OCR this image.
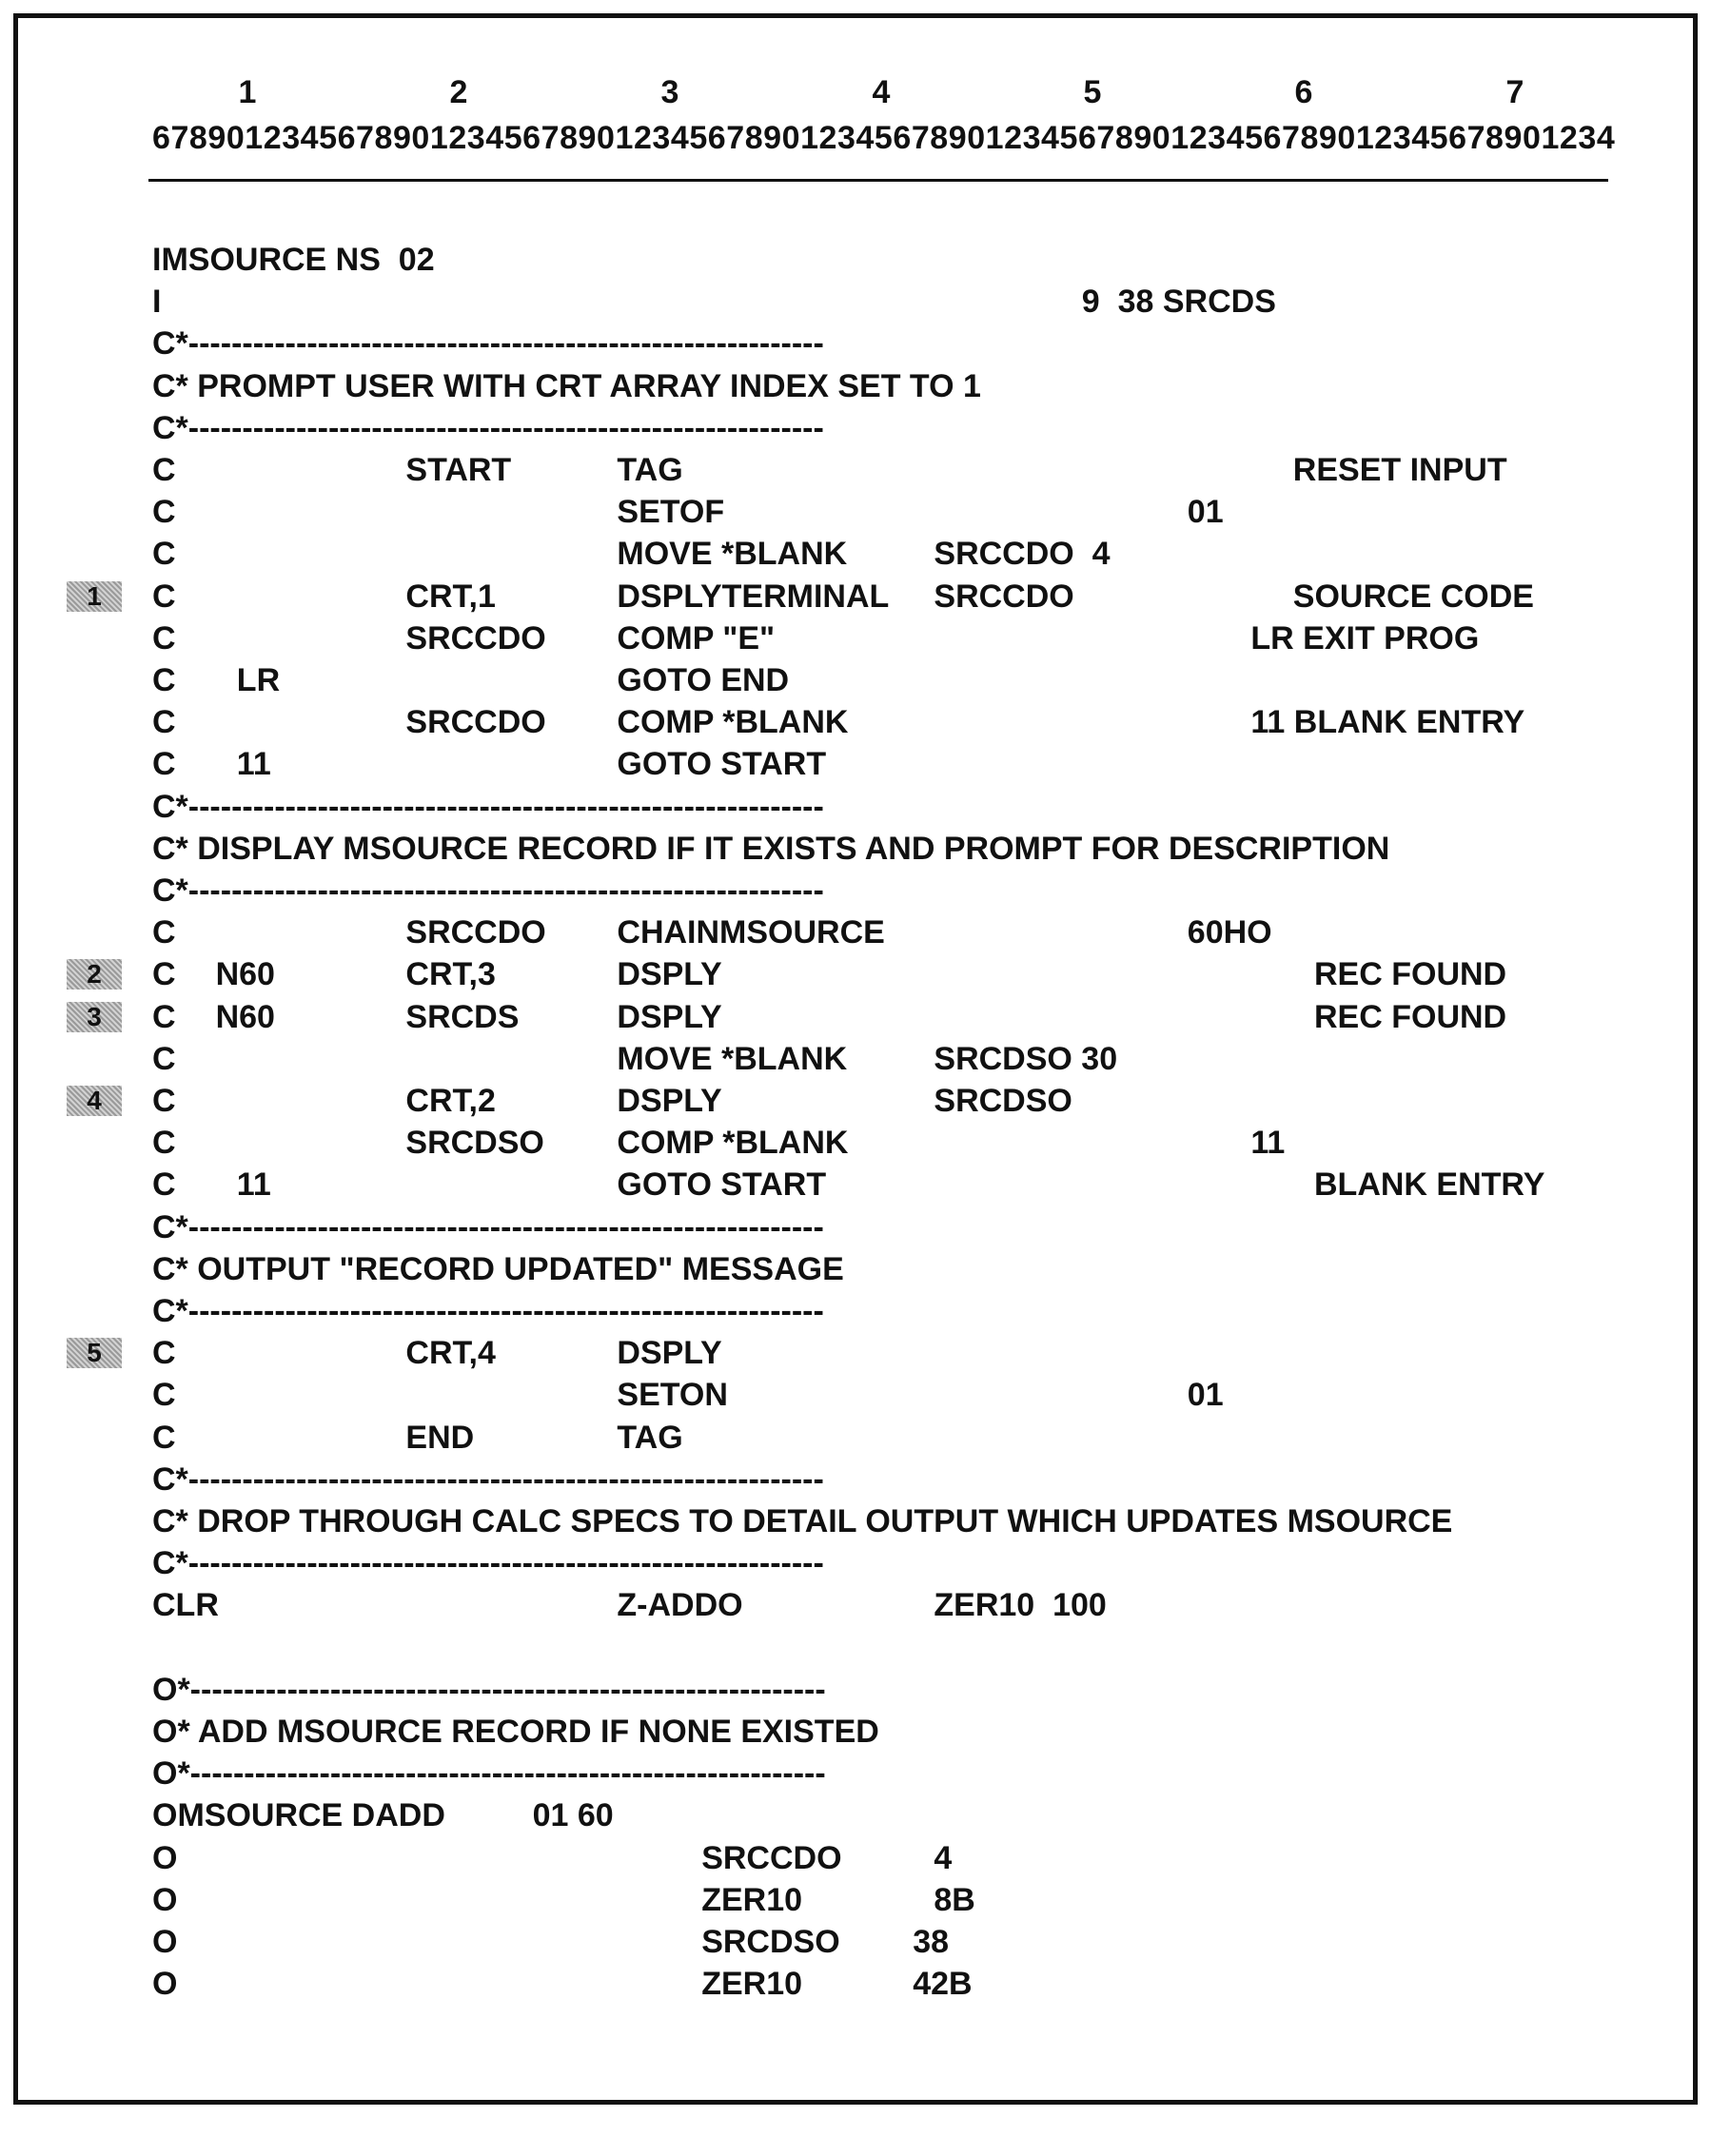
1	2	3	4	5	6	7
6789012345678901234567890123456789012345678901234567890123456789012345678901234
IMSOURCE NS  02
I	9  38 SRCDS
C*-----------------------------------------------------------
C* PROMPT USER WITH CRT ARRAY INDEX SET TO 1
C*-----------------------------------------------------------
C	START	TAG	RESET INPUT
C	SETOF	01
C	MOVE *BLANK	SRCCDO  4
1	C	CRT,1	DSPLYTERMINAL SRCCDO	SOURCE CODE
C	SRCCDO COMP "E"	LR EXIT PROG
C LR	GOTO END
C	SRCCDO COMP *BLANK	11 BLANK ENTRY
C 11	GOTO START
C*-----------------------------------------------------------
C* DISPLAY MSOURCE RECORD IF IT EXISTS AND PROMPT FOR DESCRIPTION
C*-----------------------------------------------------------
C	SRCCDO CHAINMSOURCE	60HO
2	C N60	CRT,3	DSPLY	REC FOUND
3	C N60	SRCDS	DSPLY	REC FOUND
C	MOVE *BLANK	SRCDSO 30
4	C	CRT,2	DSPLY	SRCDSO
C	SRCDSO COMP *BLANK	11
C 11	GOTO START	BLANK ENTRY
C*-----------------------------------------------------------
C* OUTPUT "RECORD UPDATED" MESSAGE
C*-----------------------------------------------------------
5	C	CRT,4	DSPLY
C	SETON	01
C	END	TAG
C*-----------------------------------------------------------
C* DROP THROUGH CALC SPECS TO DETAIL OUTPUT WHICH UPDATES MSOURCE
C*-----------------------------------------------------------
CLR	Z-ADDO	ZER10  100
O*-----------------------------------------------------------
O* ADD MSOURCE RECORD IF NONE EXISTED
O*-----------------------------------------------------------
OMSOURCE DADD	01 60
O	SRCCDO	4
O	ZER10	8B
O	SRCDSO 38
O	ZER10	42B
